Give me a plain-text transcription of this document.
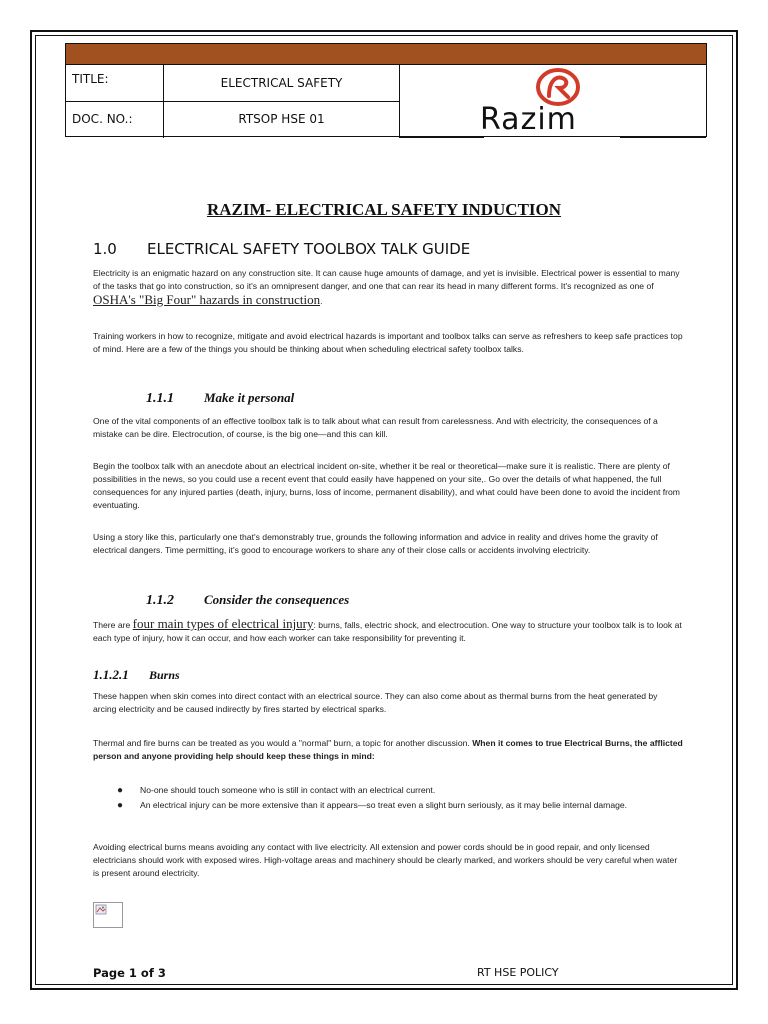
TITLE:	ELECTRICAL SAFETY
DOC. NO.:	RTSOP HSE 01	Razim
RAZIM- ELECTRICAL SAFETY INDUCTION
1.0 ELECTRICAL SAFETY TOOLBOX TALK GUIDE
Electricity is an enigmatic hazard on any construction site. It can cause huge amounts of damage, and yet is invisible. Electrical power is essential to many of the tasks that go into construction, so it's an omnipresent danger, and one that can rear its head in many different forms. It's recognized as one of OSHA's "Big Four" hazards in construction.
Training workers in how to recognize, mitigate and avoid electrical hazards is important and toolbox talks can serve as refreshers to keep safe practices top of mind. Here are a few of the things you should be thinking about when scheduling electrical safety toolbox talks.
1.1.1 Make it personal
One of the vital components of an effective toolbox talk is to talk about what can result from carelessness. And with electricity, the consequences of a mistake can be dire. Electrocution, of course, is the big one—and this can kill.
Begin the toolbox talk with an anecdote about an electrical incident on-site, whether it be real or theoretical—make sure it is realistic. There are plenty of possibilities in the news, so you could use a recent event that could easily have happened on your site,. Go over the details of what happened, the full consequences for any injured parties (death, injury, burns, loss of income, permanent disability), and what could have been done to avoid the incident from eventuating.
Using a story like this, particularly one that's demonstrably true, grounds the following information and advice in reality and drives home the gravity of electrical dangers. Time permitting, it's good to encourage workers to share any of their close calls or accidents involving electricity.
1.1.2 Consider the consequences
There are four main types of electrical injury: burns, falls, electric shock, and electrocution. One way to structure your toolbox talk is to look at each type of injury, how it can occur, and how each worker can take responsibility for preventing it.
1.1.2.1 Burns
These happen when skin comes into direct contact with an electrical source. They can also come about as thermal burns from the heat generated by arcing electricity and be caused indirectly by fires started by electrical sparks.
Thermal and fire burns can be treated as you would a "normal" burn, a topic for another discussion. When it comes to true Electrical Burns, the afflicted person and anyone providing help should keep these things in mind:
● No-one should touch someone who is still in contact with an electrical current.
● An electrical injury can be more extensive than it appears—so treat even a slight burn seriously, as it may belie internal damage.
Avoiding electrical burns means avoiding any contact with live electricity. All extension and power cords should be in good repair, and only licensed electricians should work with exposed wires. High-voltage areas and machinery should be clearly marked, and workers should be very careful when water is present around electricity.
Page 1 of 3	RT HSE POLICY
